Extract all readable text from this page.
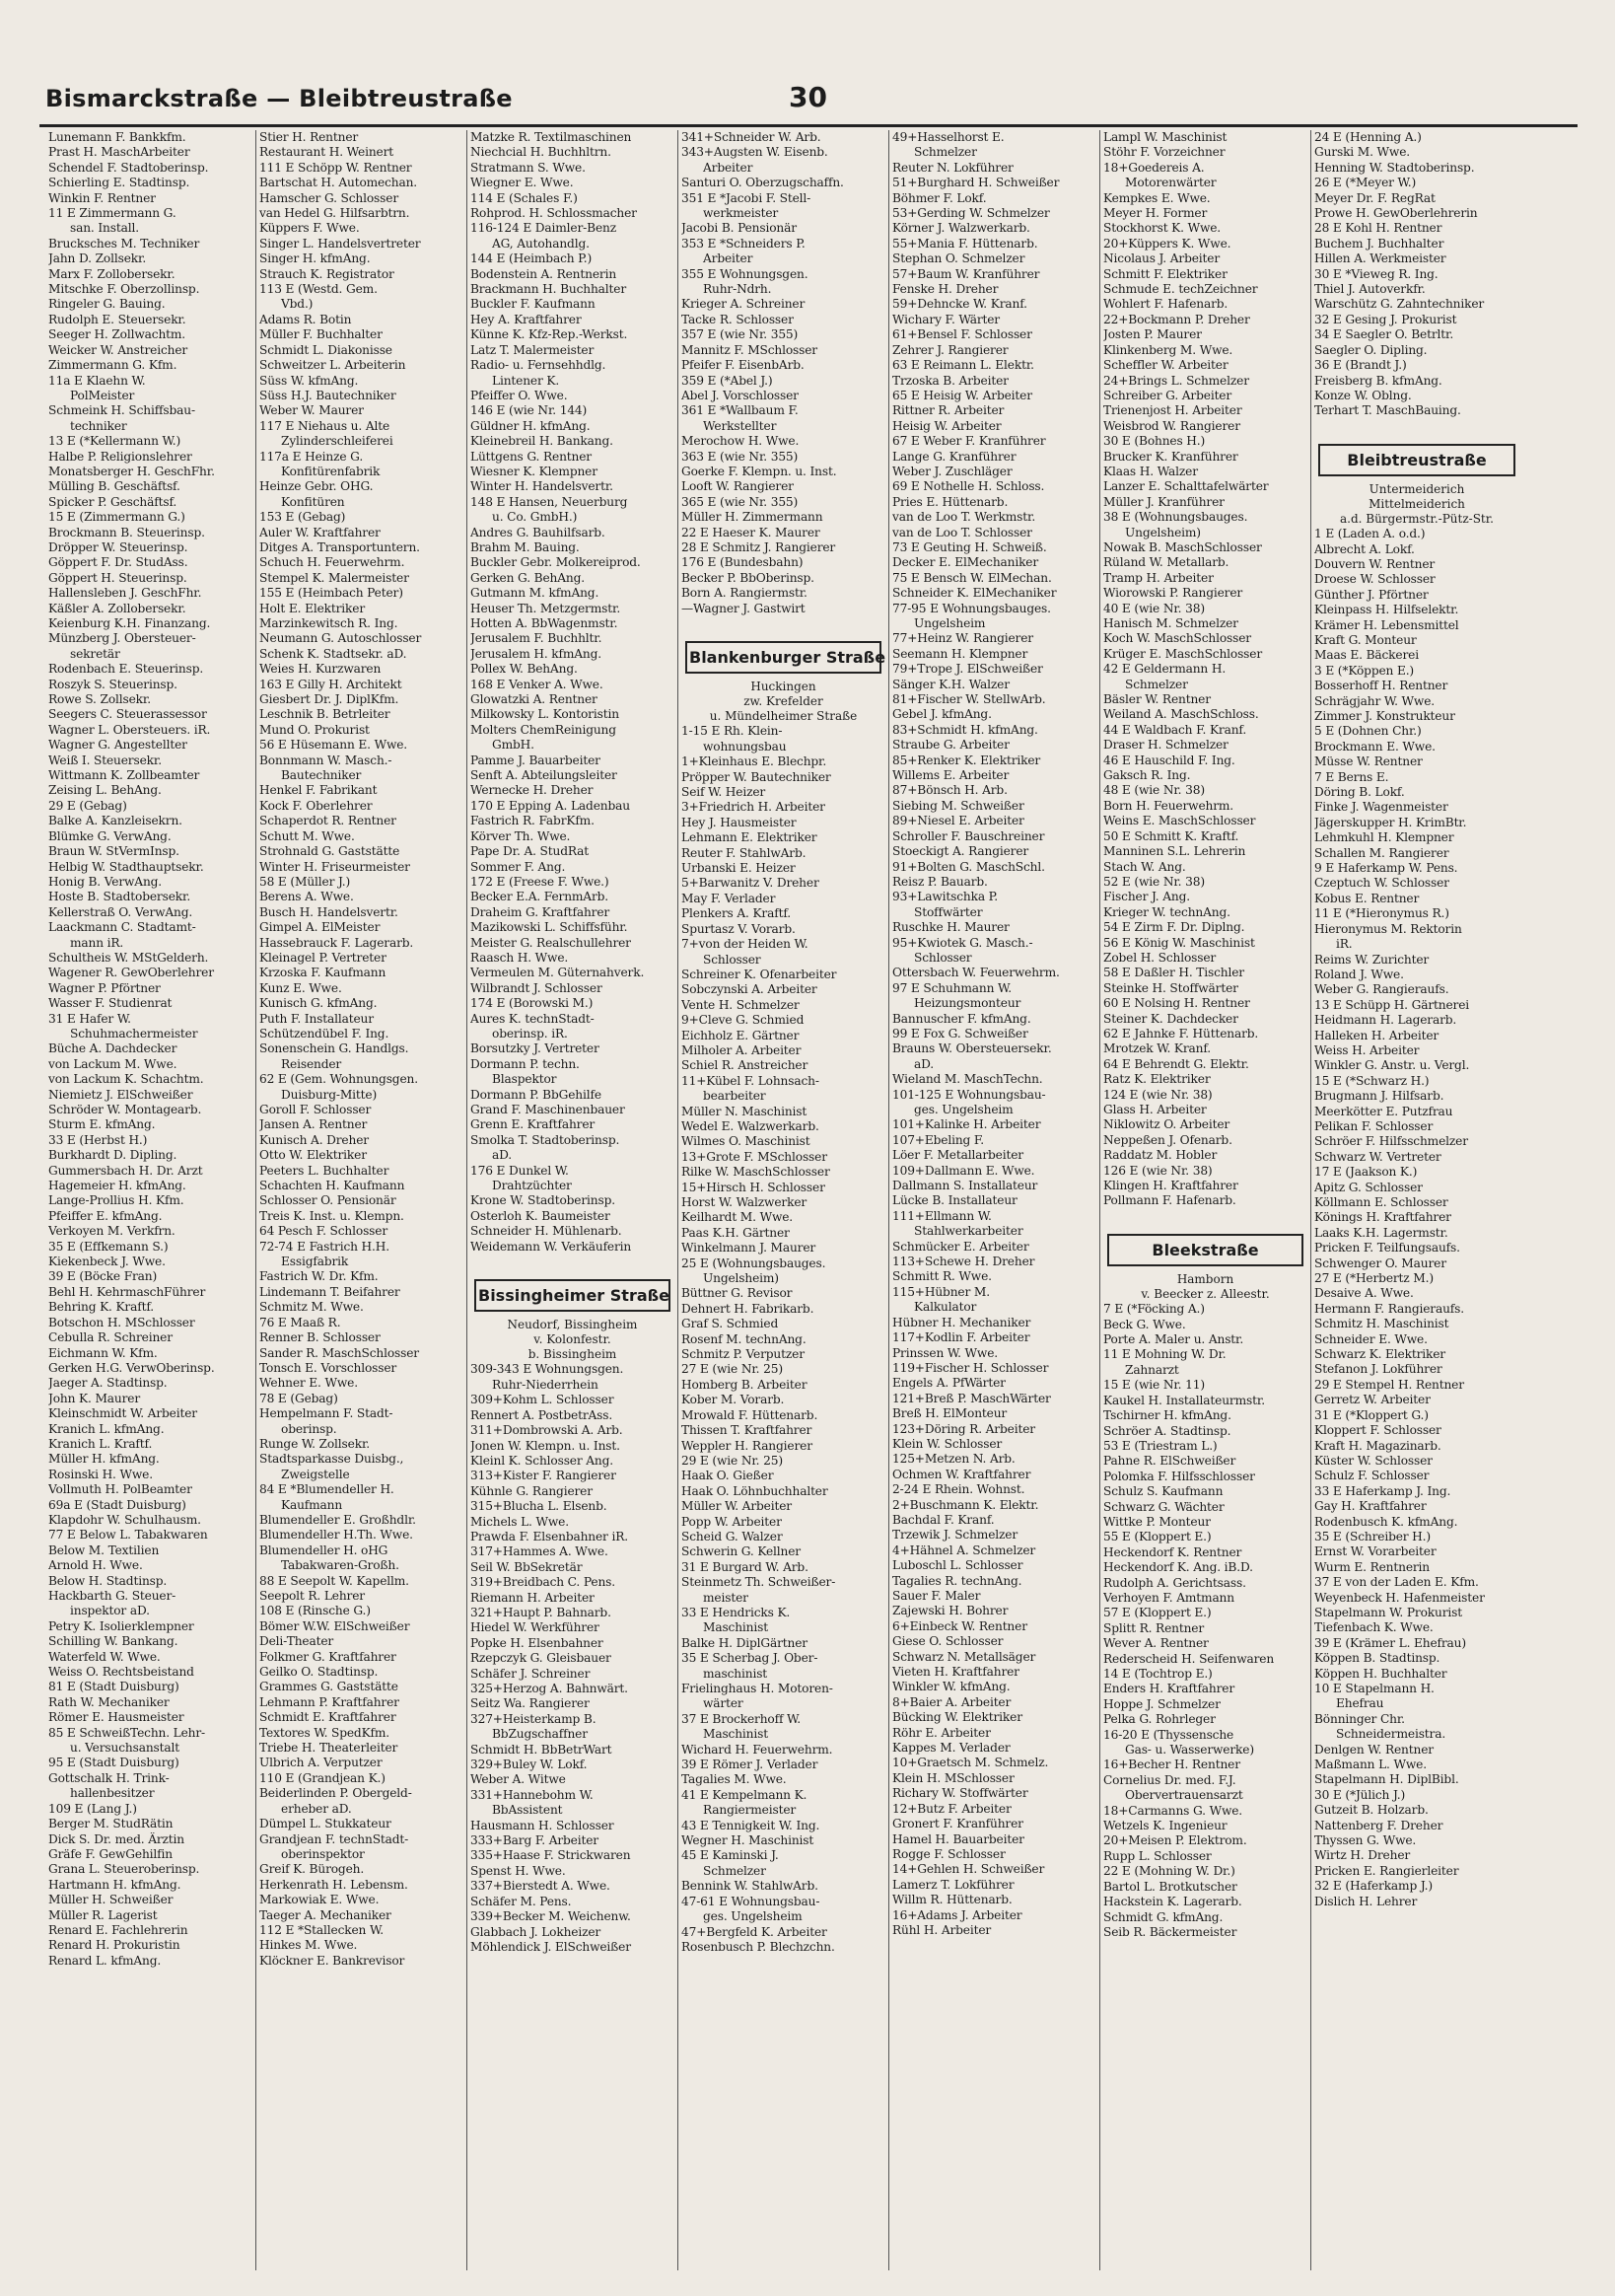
Bismarckstraße — Bleibtreustraße	30
Lunemann F. Bankkfm.
Prast H. MaschArbeiter
Schendel F. Stadtoberinsp.
Schierling E. Stadtinsp.
Winkin F. Rentner
11 E Zimmermann G.
san. Install.
Brucksches M. Techniker
Jahn D. Zollsekr.
Marx F. Zollobersekr.
Mitschke F. Oberzollinsp.
Ringeler G. Bauing.
Rudolph E. Steuersekr.
Seeger H. Zollwachtm.
Weicker W. Anstreicher
Zimmermann G. Kfm.
11a E Klaehn W.
PolMeister
Schmeink H. Schiffsbau-
techniker
13 E (*Kellermann W.)
Halbe P. Religionslehrer
Monatsberger H. GeschFhr.
Mülling B. Geschäftsf.
Spicker P. Geschäftsf.
15 E (Zimmermann G.)
Brockmann B. Steuerinsp.
Dröpper W. Steuerinsp.
Göppert F. Dr. StudAss.
Göppert H. Steuerinsp.
Hallensleben J. GeschFhr.
Käßler A. Zollobersekr.
Keienburg K.H. Finanzang.
Münzberg J. Obersteuer-
sekretär
Rodenbach E. Steuerinsp.
Roszyk S. Steuerinsp.
Rowe S. Zollsekr.
Seegers C. Steuerassessor
Wagner L. Obersteuers. iR.
Wagner G. Angestellter
Weiß I. Steuersekr.
Wittmann K. Zollbeamter
Zeising L. BehAng.
29 E (Gebag)
Balke A. Kanzleisekrn.
Blümke G. VerwAng.
Braun W. StVermInsp.
Helbig W. Stadthauptsekr.
Honig B. VerwAng.
Hoste B. Stadtobersekr.
Kellerstraß O. VerwAng.
Laackmann C. Stadtamt-
mann iR.
Schultheis W. MStGelderh.
Wagener R. GewOberlehrer
Wagner P. Pförtner
Wasser F. Studienrat
31 E Hafer W.
Schuhmachermeister
Büche A. Dachdecker
von Lackum M. Wwe.
von Lackum K. Schachtm.
Niemietz J. ElSchweißer
Schröder W. Montagearb.
Sturm E. kfmAng.
33 E (Herbst H.)
Burkhardt D. Dipling.
Gummersbach H. Dr. Arzt
Hagemeier H. kfmAng.
Lange-Prollius H. Kfm.
Pfeiffer E. kfmAng.
Verkoyen M. Verkfrn.
35 E (Effkemann S.)
Kiekenbeck J. Wwe.
39 E (Böcke Fran)
Behl H. KehrmaschFührer
Behring K. Kraftf.
Botschon H. MSchlosser
Cebulla R. Schreiner
Eichmann W. Kfm.
Gerken H.G. VerwOberinsp.
Jaeger A. Stadtinsp.
John K. Maurer
Kleinschmidt W. Arbeiter
Kranich L. kfmAng.
Kranich L. Kraftf.
Müller H. kfmAng.
Rosinski H. Wwe.
Vollmuth H. PolBeamter
69a E (Stadt Duisburg)
Klapdohr W. Schulhausm.
77 E Below L. Tabakwaren
Below M. Textilien
Arnold H. Wwe.
Below H. Stadtinsp.
Hackbarth G. Steuer-
inspektor aD.
Petry K. Isolierklempner
Schilling W. Bankang.
Waterfeld W. Wwe.
Weiss O. Rechtsbeistand
81 E (Stadt Duisburg)
Rath W. Mechaniker
Römer E. Hausmeister
85 E SchweißTechn. Lehr-
u. Versuchsanstalt
95 E (Stadt Duisburg)
Gottschalk H. Trink-
hallenbesitzer
109 E (Lang J.)
Berger M. StudRätin
Dick S. Dr. med. Ärztin
Gräfe F. GewGehilfin
Grana L. Steueroberinsp.
Hartmann H. kfmAng.
Müller H. Schweißer
Müller R. Lagerist
Renard E. Fachlehrerin
Renard H. Prokuristin
Renard L. kfmAng.
Stier H. Rentner
Restaurant H. Weinert
111 E Schöpp W. Rentner
Bartschat H. Automechan.
Hamscher G. Schlosser
van Hedel G. Hilfsarbtrn.
Küppers F. Wwe.
Singer L. Handelsvertreter
Singer H. kfmAng.
Strauch K. Registrator
113 E (Westd. Gem.
Vbd.)
Adams R. Botin
Müller F. Buchhalter
Schmidt L. Diakonisse
Schweitzer L. Arbeiterin
Süss W. kfmAng.
Süss H.J. Bautechniker
Weber W. Maurer
117 E Niehaus u. Alte
Zylinderschleiferei
117a E Heinze G.
Konfitürenfabrik
Heinze Gebr. OHG.
Konfitüren
153 E (Gebag)
Auler W. Kraftfahrer
Ditges A. Transportuntern.
Schuch H. Feuerwehrm.
Stempel K. Malermeister
155 E (Heimbach Peter)
Holt E. Elektriker
Marzinkewitsch R. Ing.
Neumann G. Autoschlosser
Schenk K. Stadtsekr. aD.
Weies H. Kurzwaren
163 E Gilly H. Architekt
Giesbert Dr. J. DiplKfm.
Leschnik B. Betrleiter
Mund O. Prokurist
56 E Hüsemann E. Wwe.
Bonnmann W. Masch.-
Bautechniker
Henkel F. Fabrikant
Kock F. Oberlehrer
Schaperdot R. Rentner
Schutt M. Wwe.
Strohnald G. Gaststätte
Winter H. Friseurmeister
58 E (Müller J.)
Berens A. Wwe.
Busch H. Handelsvertr.
Gimpel A. ElMeister
Hassebrauck F. Lagerarb.
Kleinagel P. Vertreter
Krzoska F. Kaufmann
Kunz E. Wwe.
Kunisch G. kfmAng.
Puth F. Installateur
Schützendübel F. Ing.
Sonenschein G. Handlgs.
Reisender
62 E (Gem. Wohnungsgen.
Duisburg-Mitte)
Goroll F. Schlosser
Jansen A. Rentner
Kunisch A. Dreher
Otto W. Elektriker
Peeters L. Buchhalter
Schachten H. Kaufmann
Schlosser O. Pensionär
Treis K. Inst. u. Klempn.
64 Pesch F. Schlosser
72-74 E Fastrich H.H.
Essigfabrik
Fastrich W. Dr. Kfm.
Lindemann T. Beifahrer
Schmitz M. Wwe.
76 E Maaß R.
Renner B. Schlosser
Sander R. MaschSchlosser
Tonsch E. Vorschlosser
Wehner E. Wwe.
78 E (Gebag)
Hempelmann F. Stadt-
oberinsp.
Runge W. Zollsekr.
Stadtsparkasse Duisbg.,
Zweigstelle
84 E *Blumendeller H.
Kaufmann
Blumendeller E. Großhdlr.
Blumendeller H.Th. Wwe.
Blumendeller H. oHG
Tabakwaren-Großh.
88 E Seepolt W. Kapellm.
Seepolt R. Lehrer
108 E (Rinsche G.)
Bömer W.W. ElSchweißer
Deli-Theater
Folkmer G. Kraftfahrer
Geilko O. Stadtinsp.
Grammes G. Gaststätte
Lehmann P. Kraftfahrer
Schmidt E. Kraftfahrer
Textores W. SpedKfm.
Triebe H. Theaterleiter
Ulbrich A. Verputzer
110 E (Grandjean K.)
Beiderlinden P. Obergeld-
erheber aD.
Dümpel L. Stukkateur
Grandjean F. technStadt-
oberinspektor
Greif K. Bürogeh.
Herkenrath H. Lebensm.
Markowiak E. Wwe.
Taeger A. Mechaniker
112 E *Stallecken W.
Hinkes M. Wwe.
Klöckner E. Bankrevisor
Matzke R. Textilmaschinen
Niechcial H. Buchhltrn.
Stratmann S. Wwe.
Wiegner E. Wwe.
114 E (Schales F.)
Rohprod. H. Schlossmacher
116-124 E Daimler-Benz
AG, Autohandlg.
144 E (Heimbach P.)
Bodenstein A. Rentnerin
Brackmann H. Buchhalter
Buckler F. Kaufmann
Hey A. Kraftfahrer
Künne K. Kfz-Rep.-Werkst.
Latz T. Malermeister
Radio- u. Fernsehhdlg.
Lintener K.
Pfeiffer O. Wwe.
146 E (wie Nr. 144)
Güldner H. kfmAng.
Kleinebreil H. Bankang.
Lüttgens G. Rentner
Wiesner K. Klempner
Winter H. Handelsvertr.
148 E Hansen, Neuerburg
u. Co. GmbH.)
Andres G. Bauhilfsarb.
Brahm M. Bauing.
Buckler Gebr. Molkereiprod.
Gerken G. BehAng.
Gutmann M. kfmAng.
Heuser Th. Metzgermstr.
Hotten A. BbWagenmstr.
Jerusalem F. Buchhltr.
Jerusalem H. kfmAng.
Pollex W. BehAng.
168 E Venker A. Wwe.
Glowatzki A. Rentner
Milkowsky L. Kontoristin
Molters ChemReinigung
GmbH.
Pamme J. Bauarbeiter
Senft A. Abteilungsleiter
Wernecke H. Dreher
170 E Epping A. Ladenbau
Fastrich R. FabrKfm.
Körver Th. Wwe.
Pape Dr. A. StudRat
Sommer F. Ang.
172 E (Freese F. Wwe.)
Becker E.A. FernmArb.
Draheim G. Kraftfahrer
Mazikowski L. Schiffsführ.
Meister G. Realschullehrer
Raasch H. Wwe.
Vermeulen M. Güternahverk.
Wilbrandt J. Schlosser
174 E (Borowski M.)
Aures K. technStadt-
oberinsp. iR.
Borsutzky J. Vertreter
Dormann P. techn.
Blaspektor
Dormann P. BbGehilfe
Grand F. Maschinenbauer
Grenn E. Kraftfahrer
Smolka T. Stadtoberinsp.
aD.
176 E Dunkel W.
Drahtzüchter
Krone W. Stadtoberinsp.
Osterloh K. Baumeister
Schneider H. Mühlenarb.
Weidemann W. Verkäuferin

Bissingheimer Straße
Neudorf, Bissingheim
v. Kolonfestr.
b. Bissingheim
309-343 E Wohnungsgen.
Ruhr-Niederrhein
309+Kohm L. Schlosser
Rennert A. PostbetrAss.
311+Dombrowski A. Arb.
Jonen W. Klempn. u. Inst.
Kleinl K. Schlosser Ang.
313+Kister F. Rangierer
Kühnle G. Rangierer
315+Blucha L. Elsenb.
Michels L. Wwe.
Prawda F. Elsenbahner iR.
317+Hammes A. Wwe.
Seil W. BbSekretär
319+Breidbach C. Pens.
Riemann H. Arbeiter
321+Haupt P. Bahnarb.
Hiedel W. Werkführer
Popke H. Elsenbahner
Rzepczyk G. Gleisbauer
Schäfer J. Schreiner
325+Herzog A. Bahnwärt.
Seitz Wa. Rangierer
327+Heisterkamp B.
BbZugschaffner
Schmidt H. BbBetrWart
329+Buley W. Lokf.
Weber A. Witwe
331+Hannebohm W.
BbAssistent
Hausmann H. Schlosser
333+Barg F. Arbeiter
335+Haase F. Strickwaren
Spenst H. Wwe.
337+Bierstedt A. Wwe.
Schäfer M. Pens.
339+Becker M. Weichenw.
Glabbach J. Lokheizer
Möhlendick J. ElSchweißer
341+Schneider W. Arb.
343+Augsten W. Eisenb.
Arbeiter
Santuri O. Oberzugschaffn.
351 E *Jacobi F. Stell-
werkmeister
Jacobi B. Pensionär
353 E *Schneiders P.
Arbeiter
355 E Wohnungsgen.
Ruhr-Ndrh.
Krieger A. Schreiner
Tacke R. Schlosser
357 E (wie Nr. 355)
Mannitz F. MSchlosser
Pfeifer F. EisenbArb.
359 E (*Abel J.)
Abel J. Vorschlosser
361 E *Wallbaum F.
Werkstellter
Merochow H. Wwe.
363 E (wie Nr. 355)
Goerke F. Klempn. u. Inst.
Looft W. Rangierer
365 E (wie Nr. 355)
Müller H. Zimmermann
22 E Haeser K. Maurer
28 E Schmitz J. Rangierer
176 E (Bundesbahn)
Becker P. BbOberinsp.
Born A. Rangiermstr.
—Wagner J. Gastwirt

Blankenburger Straße
Huckingen
zw. Krefelder
u. Mündelheimer Straße
1-15 E Rh. Klein-
wohnungsbau
1+Kleinhaus E. Blechpr.
Pröpper W. Bautechniker
Seif W. Heizer
3+Friedrich H. Arbeiter
Hey J. Hausmeister
Lehmann E. Elektriker
Reuter F. StahlwArb.
Urbanski E. Heizer
5+Barwanitz V. Dreher
May F. Verlader
Plenkers A. Kraftf.
Spurtasz V. Vorarb.
7+von der Heiden W.
Schlosser
Schreiner K. Ofenarbeiter
Sobczynski A. Arbeiter
Vente H. Schmelzer
9+Cleve G. Schmied
Eichholz E. Gärtner
Milholer A. Arbeiter
Schiel R. Anstreicher
11+Kübel F. Lohnsach-
bearbeiter
Müller N. Maschinist
Wedel E. Walzwerkarb.
Wilmes O. Maschinist
13+Grote F. MSchlosser
Rilke W. MaschSchlosser
15+Hirsch H. Schlosser
Horst W. Walzwerker
Keilhardt M. Wwe.
Paas K.H. Gärtner
Winkelmann J. Maurer
25 E (Wohnungsbauges.
Ungelsheim)
Büttner G. Revisor
Dehnert H. Fabrikarb.
Graf S. Schmied
Rosenf M. technAng.
Schmitz P. Verputzer
27 E (wie Nr. 25)
Homberg B. Arbeiter
Kober M. Vorarb.
Mrowald F. Hüttenarb.
Thissen T. Kraftfahrer
Weppler H. Rangierer
29 E (wie Nr. 25)
Haak O. Gießer
Haak O. Löhnbuchhalter
Müller W. Arbeiter
Popp W. Arbeiter
Scheid G. Walzer
Schwerin G. Kellner
31 E Burgard W. Arb.
Steinmetz Th. Schweißer-
meister
33 E Hendricks K.
Maschinist
Balke H. DiplGärtner
35 E Scherbag J. Ober-
maschinist
Frielinghaus H. Motoren-
wärter
37 E Brockerhoff W.
Maschinist
Wichard H. Feuerwehrm.
39 E Römer J. Verlader
Tagalies M. Wwe.
41 E Kempelmann K.
Rangiermeister
43 E Tennigkeit W. Ing.
Wegner H. Maschinist
45 E Kaminski J.
Schmelzer
Bennink W. StahlwArb.
47-61 E Wohnungsbau-
ges. Ungelsheim
47+Bergfeld K. Arbeiter
Rosenbusch P. Blechzchn.
49+Hasselhorst E.
Schmelzer
Reuter N. Lokführer
51+Burghard H. Schweißer
Böhmer F. Lokf.
53+Gerding W. Schmelzer
Körner J. Walzwerkarb.
55+Mania F. Hüttenarb.
Stephan O. Schmelzer
57+Baum W. Kranführer
Fenske H. Dreher
59+Dehncke W. Kranf.
Wichary F. Wärter
61+Bensel F. Schlosser
Zehrer J. Rangierer
63 E Reimann L. Elektr.
Trzoska B. Arbeiter
65 E Heisig W. Arbeiter
Rittner R. Arbeiter
Heisig W. Arbeiter
67 E Weber F. Kranführer
Lange G. Kranführer
Weber J. Zuschläger
69 E Nothelle H. Schloss.
Pries E. Hüttenarb.
van de Loo T. Werkmstr.
van de Loo T. Schlosser
73 E Geuting H. Schweiß.
Decker E. ElMechaniker
75 E Bensch W. ElMechan.
Schneider K. ElMechaniker
77-95 E Wohnungsbauges.
Ungelsheim
77+Heinz W. Rangierer
Seemann H. Klempner
79+Trope J. ElSchweißer
Sänger K.H. Walzer
81+Fischer W. StellwArb.
Gebel J. kfmAng.
83+Schmidt H. kfmAng.
Straube G. Arbeiter
85+Renker K. Elektriker
Willems E. Arbeiter
87+Bönsch H. Arb.
Siebing M. Schweißer
89+Niesel E. Arbeiter
Schroller F. Bauschreiner
Stoeckigt A. Rangierer
91+Bolten G. MaschSchl.
Reisz P. Bauarb.
93+Lawitschka P.
Stoffwärter
Ruschke H. Maurer
95+Kwiotek G. Masch.-
Schlosser
Ottersbach W. Feuerwehrm.
97 E Schuhmann W.
Heizungsmonteur
Bannuscher F. kfmAng.
99 E Fox G. Schweißer
Brauns W. Obersteuersekr.
aD.
Wieland M. MaschTechn.
101-125 E Wohnungsbau-
ges. Ungelsheim
101+Kalinke H. Arbeiter
107+Ebeling F.
Löer F. Metallarbeiter
109+Dallmann E. Wwe.
Dallmann S. Installateur
Lücke B. Installateur
111+Ellmann W.
Stahlwerkarbeiter
Schmücker E. Arbeiter
113+Schewe H. Dreher
Schmitt R. Wwe.
115+Hübner M.
Kalkulator
Hübner H. Mechaniker
117+Kodlin F. Arbeiter
Prinssen W. Wwe.
119+Fischer H. Schlosser
Engels A. PfWärter
121+Breß P. MaschWärter
Breß H. ElMonteur
123+Döring R. Arbeiter
Klein W. Schlosser
125+Metzen N. Arb.
Ochmen W. Kraftfahrer
2-24 E Rhein. Wohnst.
2+Buschmann K. Elektr.
Bachdal F. Kranf.
Trzewik J. Schmelzer
4+Hähnel A. Schmelzer
Luboschl L. Schlosser
Tagalies R. technAng.
Sauer F. Maler
Zajewski H. Bohrer
6+Einbeck W. Rentner
Giese O. Schlosser
Schwarz N. Metallsäger
Vieten H. Kraftfahrer
Winkler W. kfmAng.
8+Baier A. Arbeiter
Bücking W. Elektriker
Röhr E. Arbeiter
Kappes M. Verlader
10+Graetsch M. Schmelz.
Klein H. MSchlosser
Richary W. Stoffwärter
12+Butz F. Arbeiter
Gronert F. Kranführer
Hamel H. Bauarbeiter
Rogge F. Schlosser
14+Gehlen H. Schweißer
Lamerz T. Lokführer
Willm R. Hüttenarb.
16+Adams J. Arbeiter
Rühl H. Arbeiter
Lampl W. Maschinist
Stöhr F. Vorzeichner
18+Goedereis A.
Motorenwärter
Kempkes E. Wwe.
Meyer H. Former
Stockhorst K. Wwe.
20+Küppers K. Wwe.
Nicolaus J. Arbeiter
Schmitt F. Elektriker
Schmude E. techZeichner
Wohlert F. Hafenarb.
22+Bockmann P. Dreher
Josten P. Maurer
Klinkenberg M. Wwe.
Scheffler W. Arbeiter
24+Brings L. Schmelzer
Schreiber G. Arbeiter
Trienenjost H. Arbeiter
Weisbrod W. Rangierer
30 E (Bohnes H.)
Brucker K. Kranführer
Klaas H. Walzer
Lanzer E. Schalttafelwärter
Müller J. Kranführer
38 E (Wohnungsbauges.
Ungelsheim)
Nowak B. MaschSchlosser
Rüland W. Metallarb.
Tramp H. Arbeiter
Wiorowski P. Rangierer
40 E (wie Nr. 38)
Hanisch M. Schmelzer
Koch W. MaschSchlosser
Krüger E. MaschSchlosser
42 E Geldermann H.
Schmelzer
Bäsler W. Rentner
Weiland A. MaschSchloss.
44 E Waldbach F. Kranf.
Draser H. Schmelzer
46 E Hauschild F. Ing.
Gaksch R. Ing.
48 E (wie Nr. 38)
Born H. Feuerwehrm.
Weins E. MaschSchlosser
50 E Schmitt K. Kraftf.
Manninen S.L. Lehrerin
Stach W. Ang.
52 E (wie Nr. 38)
Fischer J. Ang.
Krieger W. technAng.
54 E Zirm F. Dr. Diplng.
56 E König W. Maschinist
Zobel H. Schlosser
58 E Daßler H. Tischler
Steinke H. Stoffwärter
60 E Nolsing H. Rentner
Steiner K. Dachdecker
62 E Jahnke F. Hüttenarb.
Mrotzek W. Kranf.
64 E Behrendt G. Elektr.
Ratz K. Elektriker
124 E (wie Nr. 38)
Glass H. Arbeiter
Niklowitz O. Arbeiter
Neppeßen J. Ofenarb.
Raddatz M. Hobler
126 E (wie Nr. 38)
Klingen H. Kraftfahrer
Pollmann F. Hafenarb.

Bleekstraße
Hamborn
v. Beecker z. Alleestr.
7 E (*Föcking A.)
Beck G. Wwe.
Porte A. Maler u. Anstr.
11 E Mohning W. Dr.
Zahnarzt
15 E (wie Nr. 11)
Kaukel H. Installateurmstr.
Tschirner H. kfmAng.
Schröer A. Stadtinsp.
53 E (Triestram L.)
Pahne R. ElSchweißer
Polomka F. Hilfsschlosser
Schulz S. Kaufmann
Schwarz G. Wächter
Wittke P. Monteur
55 E (Kloppert E.)
Heckendorf K. Rentner
Heckendorf K. Ang. iB.D.
Rudolph A. Gerichtsass.
Verhoyen F. Amtmann
57 E (Kloppert E.)
Splitt R. Rentner
Wever A. Rentner
Rederscheid H. Seifenwaren
14 E (Tochtrop E.)
Enders H. Kraftfahrer
Hoppe J. Schmelzer
Pelka G. Rohrleger
16-20 E (Thyssensche
Gas- u. Wasserwerke)
16+Becher H. Rentner
Cornelius Dr. med. F.J.
Obervertrauensarzt
18+Carmanns G. Wwe.
Wetzels K. Ingenieur
20+Meisen P. Elektrom.
Rupp L. Schlosser
22 E (Mohning W. Dr.)
Bartol L. Brotkutscher
Hackstein K. Lagerarb.
Schmidt G. kfmAng.
Seib R. Bäckermeister
24 E (Henning A.)
Gurski M. Wwe.
Henning W. Stadtoberinsp.
26 E (*Meyer W.)
Meyer Dr. F. RegRat
Prowe H. GewOberlehrerin
28 E Kohl H. Rentner
Buchem J. Buchhalter
Hillen A. Werkmeister
30 E *Vieweg R. Ing.
Thiel J. Autoverkfr.
Warschütz G. Zahntechniker
32 E Gesing J. Prokurist
34 E Saegler O. Betrltr.
Saegler O. Dipling.
36 E (Brandt J.)
Freisberg B. kfmAng.
Konze W. Oblng.
Terhart T. MaschBauing.

Bleibtreustraße
Untermeiderich
Mittelmeiderich
a.d. Bürgermstr.-Pütz-Str.
1 E (Laden A. o.d.)
Albrecht A. Lokf.
Douvern W. Rentner
Droese W. Schlosser
Günther J. Pförtner
Kleinpass H. Hilfselektr.
Krämer H. Lebensmittel
Kraft G. Monteur
Maas E. Bäckerei
3 E (*Köppen E.)
Bosserhoff H. Rentner
Schrägjahr W. Wwe.
Zimmer J. Konstrukteur
5 E (Dohnen Chr.)
Brockmann E. Wwe.
Müsse W. Rentner
7 E Berns E.
Döring B. Lokf.
Finke J. Wagenmeister
Jägerskupper H. KrimBtr.
Lehmkuhl H. Klempner
Schallen M. Rangierer
9 E Haferkamp W. Pens.
Czeptuch W. Schlosser
Kobus E. Rentner
11 E (*Hieronymus R.)
Hieronymus M. Rektorin
iR.
Reims W. Zurichter
Roland J. Wwe.
Weber G. Rangieraufs.
13 E Schüpp H. Gärtnerei
Heidmann H. Lagerarb.
Halleken H. Arbeiter
Weiss H. Arbeiter
Winkler G. Anstr. u. Vergl.
15 E (*Schwarz H.)
Brugmann J. Hilfsarb.
Meerkötter E. Putzfrau
Pelikan F. Schlosser
Schröer F. Hilfsschmelzer
Schwarz W. Vertreter
17 E (Jaakson K.)
Apitz G. Schlosser
Köllmann E. Schlosser
Könings H. Kraftfahrer
Laaks K.H. Lagermstr.
Pricken F. Teilfungsaufs.
Schwenger O. Maurer
27 E (*Herbertz M.)
Desaive A. Wwe.
Hermann F. Rangieraufs.
Schmitz H. Maschinist
Schneider E. Wwe.
Schwarz K. Elektriker
Stefanon J. Lokführer
29 E Stempel H. Rentner
Gerretz W. Arbeiter
31 E (*Kloppert G.)
Kloppert F. Schlosser
Kraft H. Magazinarb.
Küster W. Schlosser
Schulz F. Schlosser
33 E Haferkamp J. Ing.
Gay H. Kraftfahrer
Rodenbusch K. kfmAng.
35 E (Schreiber H.)
Ernst W. Vorarbeiter
Wurm E. Rentnerin
37 E von der Laden E. Kfm.
Weyenbeck H. Hafenmeister
Stapelmann W. Prokurist
Tiefenbach K. Wwe.
39 E (Krämer L. Ehefrau)
Köppen B. Stadtinsp.
Köppen H. Buchhalter
10 E Stapelmann H.
Ehefrau
Bönninger Chr.
Schneidermeistra.
Denlgen W. Rentner
Maßmann L. Wwe.
Stapelmann H. DiplBibl.
30 E (*Jülich J.)
Gutzeit B. Holzarb.
Nattenberg F. Dreher
Thyssen G. Wwe.
Wirtz H. Dreher
Pricken E. Rangierleiter
32 E (Haferkamp J.)
Dislich H. Lehrer
